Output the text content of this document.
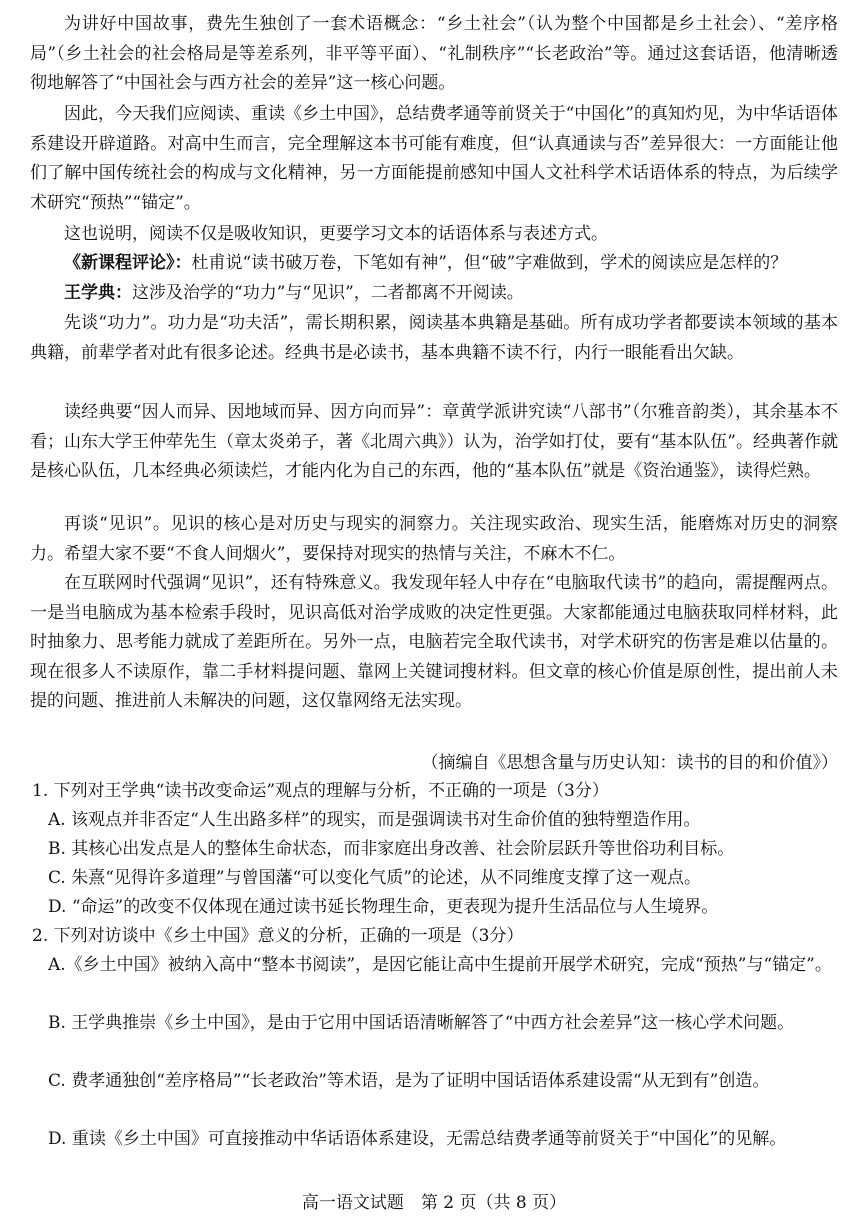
为讲好中国故事，费先生独创了一套术语概念：“乡土社会”（认为整个中国都是乡土社会）、“差序格局”（乡土社会的社会格局是等差系列，非平等平面）、“礼制秩序”“长老政治”等。通过这套话语，他清晰透彻地解答了“中国社会与西方社会的差异”这一核心问题。

因此，今天我们应阅读、重读《乡土中国》，总结费孝通等前贤关于“中国化”的真知灼见，为中华话语体系建设开辟道路。对高中生而言，完全理解这本书可能有难度，但“认真通读与否”差异很大：一方面能让他们了解中国传统社会的构成与文化精神，另一方面能提前感知中国人文社科学术话语体系的特点，为后续学术研究“预热”“锚定”。

这也说明，阅读不仅是吸收知识，更要学习文本的话语体系与表述方式。

《新课程评论》：杜甫说“读书破万卷，下笔如有神”，但“破”字难做到，学术的阅读应是怎样的？

王学典：这涉及治学的“功力”与“见识”，二者都离不开阅读。

先谈“功力”。功力是“功夫活”，需长期积累，阅读基本典籍是基础。所有成功学者都要读本领域的基本典籍，前辈学者对此有很多论述。经典书是必读书，基本典籍不读不行，内行一眼能看出欠缺。

读经典要“因人而异、因地域而异、因方向而异”：章黄学派讲究读“八部书”（尔雅音韵类），其余基本不看；山东大学王仲荦先生（章太炎弟子，著《北周六典》）认为，治学如打仗，要有“基本队伍”。经典著作就是核心队伍，几本经典必须读烂，才能内化为自己的东西，他的“基本队伍”就是《资治通鉴》，读得烂熟。

再谈“见识”。见识的核心是对历史与现实的洞察力。关注现实政治、现实生活，能磨炼对历史的洞察力。希望大家不要“不食人间烟火”，要保持对现实的热情与关注，不麻木不仁。

在互联网时代强调“见识”，还有特殊意义。我发现年轻人中存在“电脑取代读书”的趋向，需提醒两点。一是当电脑成为基本检索手段时，见识高低对治学成败的决定性更强。大家都能通过电脑获取同样材料，此时抽象力、思考能力就成了差距所在。另外一点，电脑若完全取代读书，对学术研究的伤害是难以估量的。现在很多人不读原作，靠二手材料提问题、靠网上关键词搜材料。但文章的核心价值是原创性，提出前人未提的问题、推进前人未解决的问题，这仅靠网络无法实现。

（摘编自《思想含量与历史认知：读书的目的和价值》）

1. 下列对王学典“读书改变命运”观点的理解与分析，不正确的一项是（3分）

A. 该观点并非否定“人生出路多样”的现实，而是强调读书对生命价值的独特塑造作用。

B. 其核心出发点是人的整体生命状态，而非家庭出身改善、社会阶层跃升等世俗功利目标。

C. 朱熹“见得许多道理”与曾国藩“可以变化气质”的论述，从不同维度支撑了这一观点。

D. “命运”的改变不仅体现在通过读书延长物理生命，更表现为提升生活品位与人生境界。

2. 下列对访谈中《乡土中国》意义的分析，正确的一项是（3分）

A.《乡土中国》被纳入高中“整本书阅读”，是因它能让高中生提前开展学术研究，完成“预热”与“锚定”。

B. 王学典推崇《乡土中国》，是由于它用中国话语清晰解答了“中西方社会差异”这一核心学术问题。

C. 费孝通独创“差序格局”“长老政治”等术语，是为了证明中国话语体系建设需“从无到有”创造。

D. 重读《乡土中国》可直接推动中华话语体系建设，无需总结费孝通等前贤关于“中国化”的见解。

高一语文试题　第 2 页（共 8 页）
